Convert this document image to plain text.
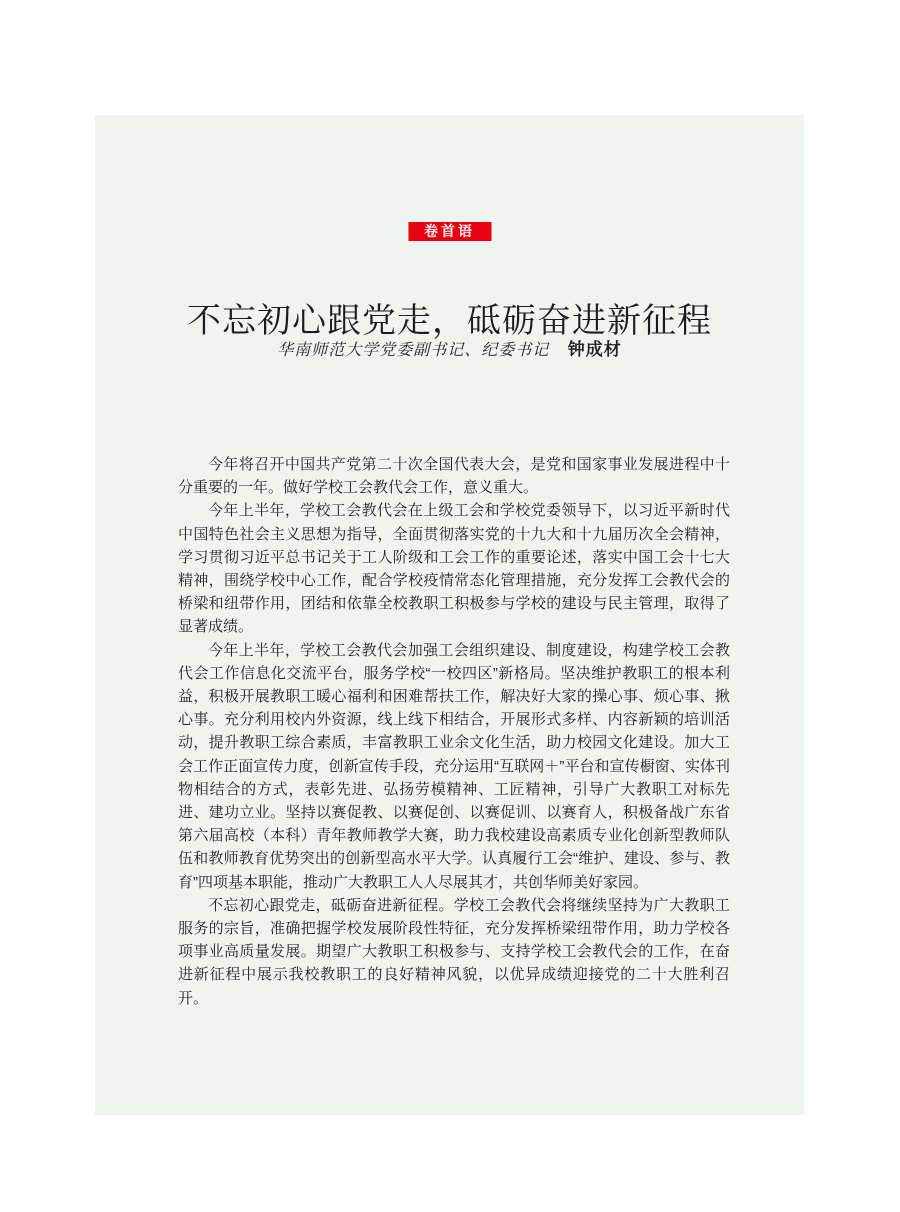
卷首语
不忘初心跟党走，砥砺奋进新征程
华南师范大学党委副书记、纪委书记 钟成材

今年将召开中国共产党第二十次全国代表大会，是党和国家事业发展进程中十分重要的一年。做好学校工会教代会工作，意义重大。

今年上半年，学校工会教代会在上级工会和学校党委领导下，以习近平新时代中国特色社会主义思想为指导，全面贯彻落实党的十九大和十九届历次全会精神，学习贯彻习近平总书记关于工人阶级和工会工作的重要论述，落实中国工会十七大精神，围绕学校中心工作，配合学校疫情常态化管理措施，充分发挥工会教代会的桥梁和纽带作用，团结和依靠全校教职工积极参与学校的建设与民主管理，取得了显著成绩。

今年上半年，学校工会教代会加强工会组织建设、制度建设，构建学校工会教代会工作信息化交流平台，服务学校“一校四区”新格局。坚决维护教职工的根本利益，积极开展教职工暖心福利和困难帮扶工作，解决好大家的操心事、烦心事、揪心事。充分利用校内外资源，线上线下相结合，开展形式多样、内容新颖的培训活动，提升教职工综合素质，丰富教职工业余文化生活，助力校园文化建设。加大工会工作正面宣传力度，创新宣传手段，充分运用“互联网＋”平台和宣传橱窗、实体刊物相结合的方式，表彰先进、弘扬劳模精神、工匠精神，引导广大教职工对标先进、建功立业。坚持以赛促教、以赛促创、以赛促训、以赛育人，积极备战广东省第六届高校（本科）青年教师教学大赛，助力我校建设高素质专业化创新型教师队伍和教师教育优势突出的创新型高水平大学。认真履行工会“维护、建设、参与、教育”四项基本职能，推动广大教职工人人尽展其才，共创华师美好家园。

不忘初心跟党走，砥砺奋进新征程。学校工会教代会将继续坚持为广大教职工服务的宗旨，准确把握学校发展阶段性特征，充分发挥桥梁纽带作用，助力学校各项事业高质量发展。期望广大教职工积极参与、支持学校工会教代会的工作，在奋进新征程中展示我校教职工的良好精神风貌，以优异成绩迎接党的二十大胜利召开。
